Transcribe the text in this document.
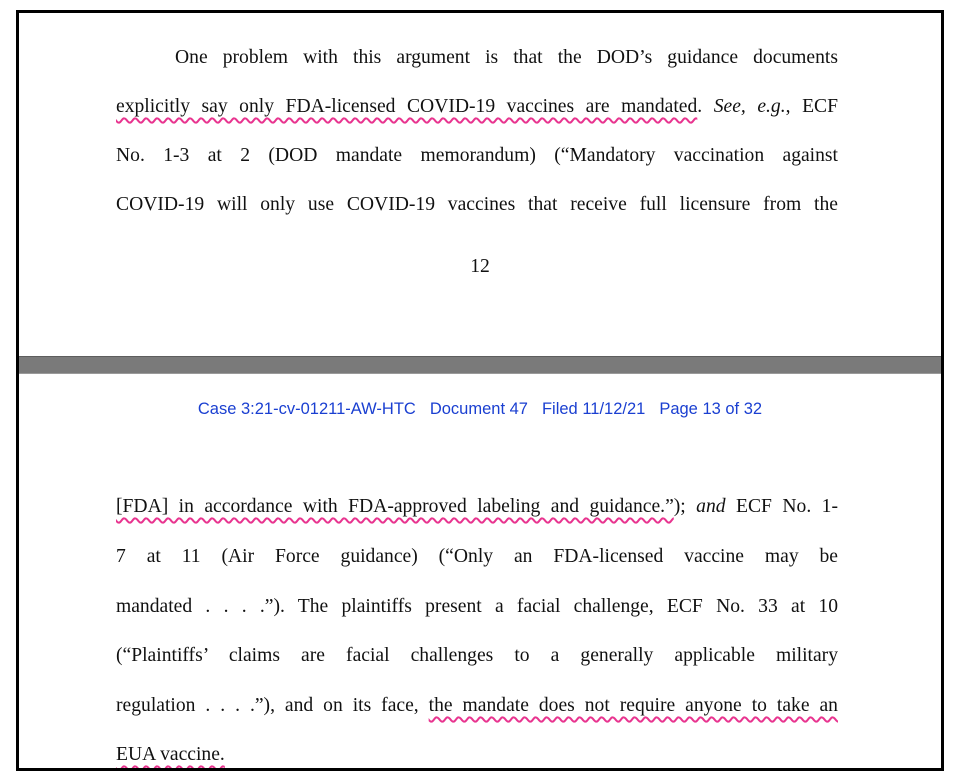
One problem with this argument is that the DOD’s guidance documents
explicitly say only FDA-licensed COVID-19 vaccines are mandated. See, e.g., ECF
No. 1-3 at 2 (DOD mandate memorandum) (“Mandatory vaccination against
COVID-19 will only use COVID-19 vaccines that receive full licensure from the
12
Case 3:21-cv-01211-AW-HTC Document 47 Filed 11/12/21 Page 13 of 32
[FDA] in accordance with FDA-approved labeling and guidance.”); and ECF No. 1-
7 at 11 (Air Force guidance) (“Only an FDA-licensed vaccine may be
mandated . . . .”). The plaintiffs present a facial challenge, ECF No. 33 at 10
(“Plaintiffs’ claims are facial challenges to a generally applicable military
regulation . . . .”), and on its face, the mandate does not require anyone to take an
EUA vaccine.
